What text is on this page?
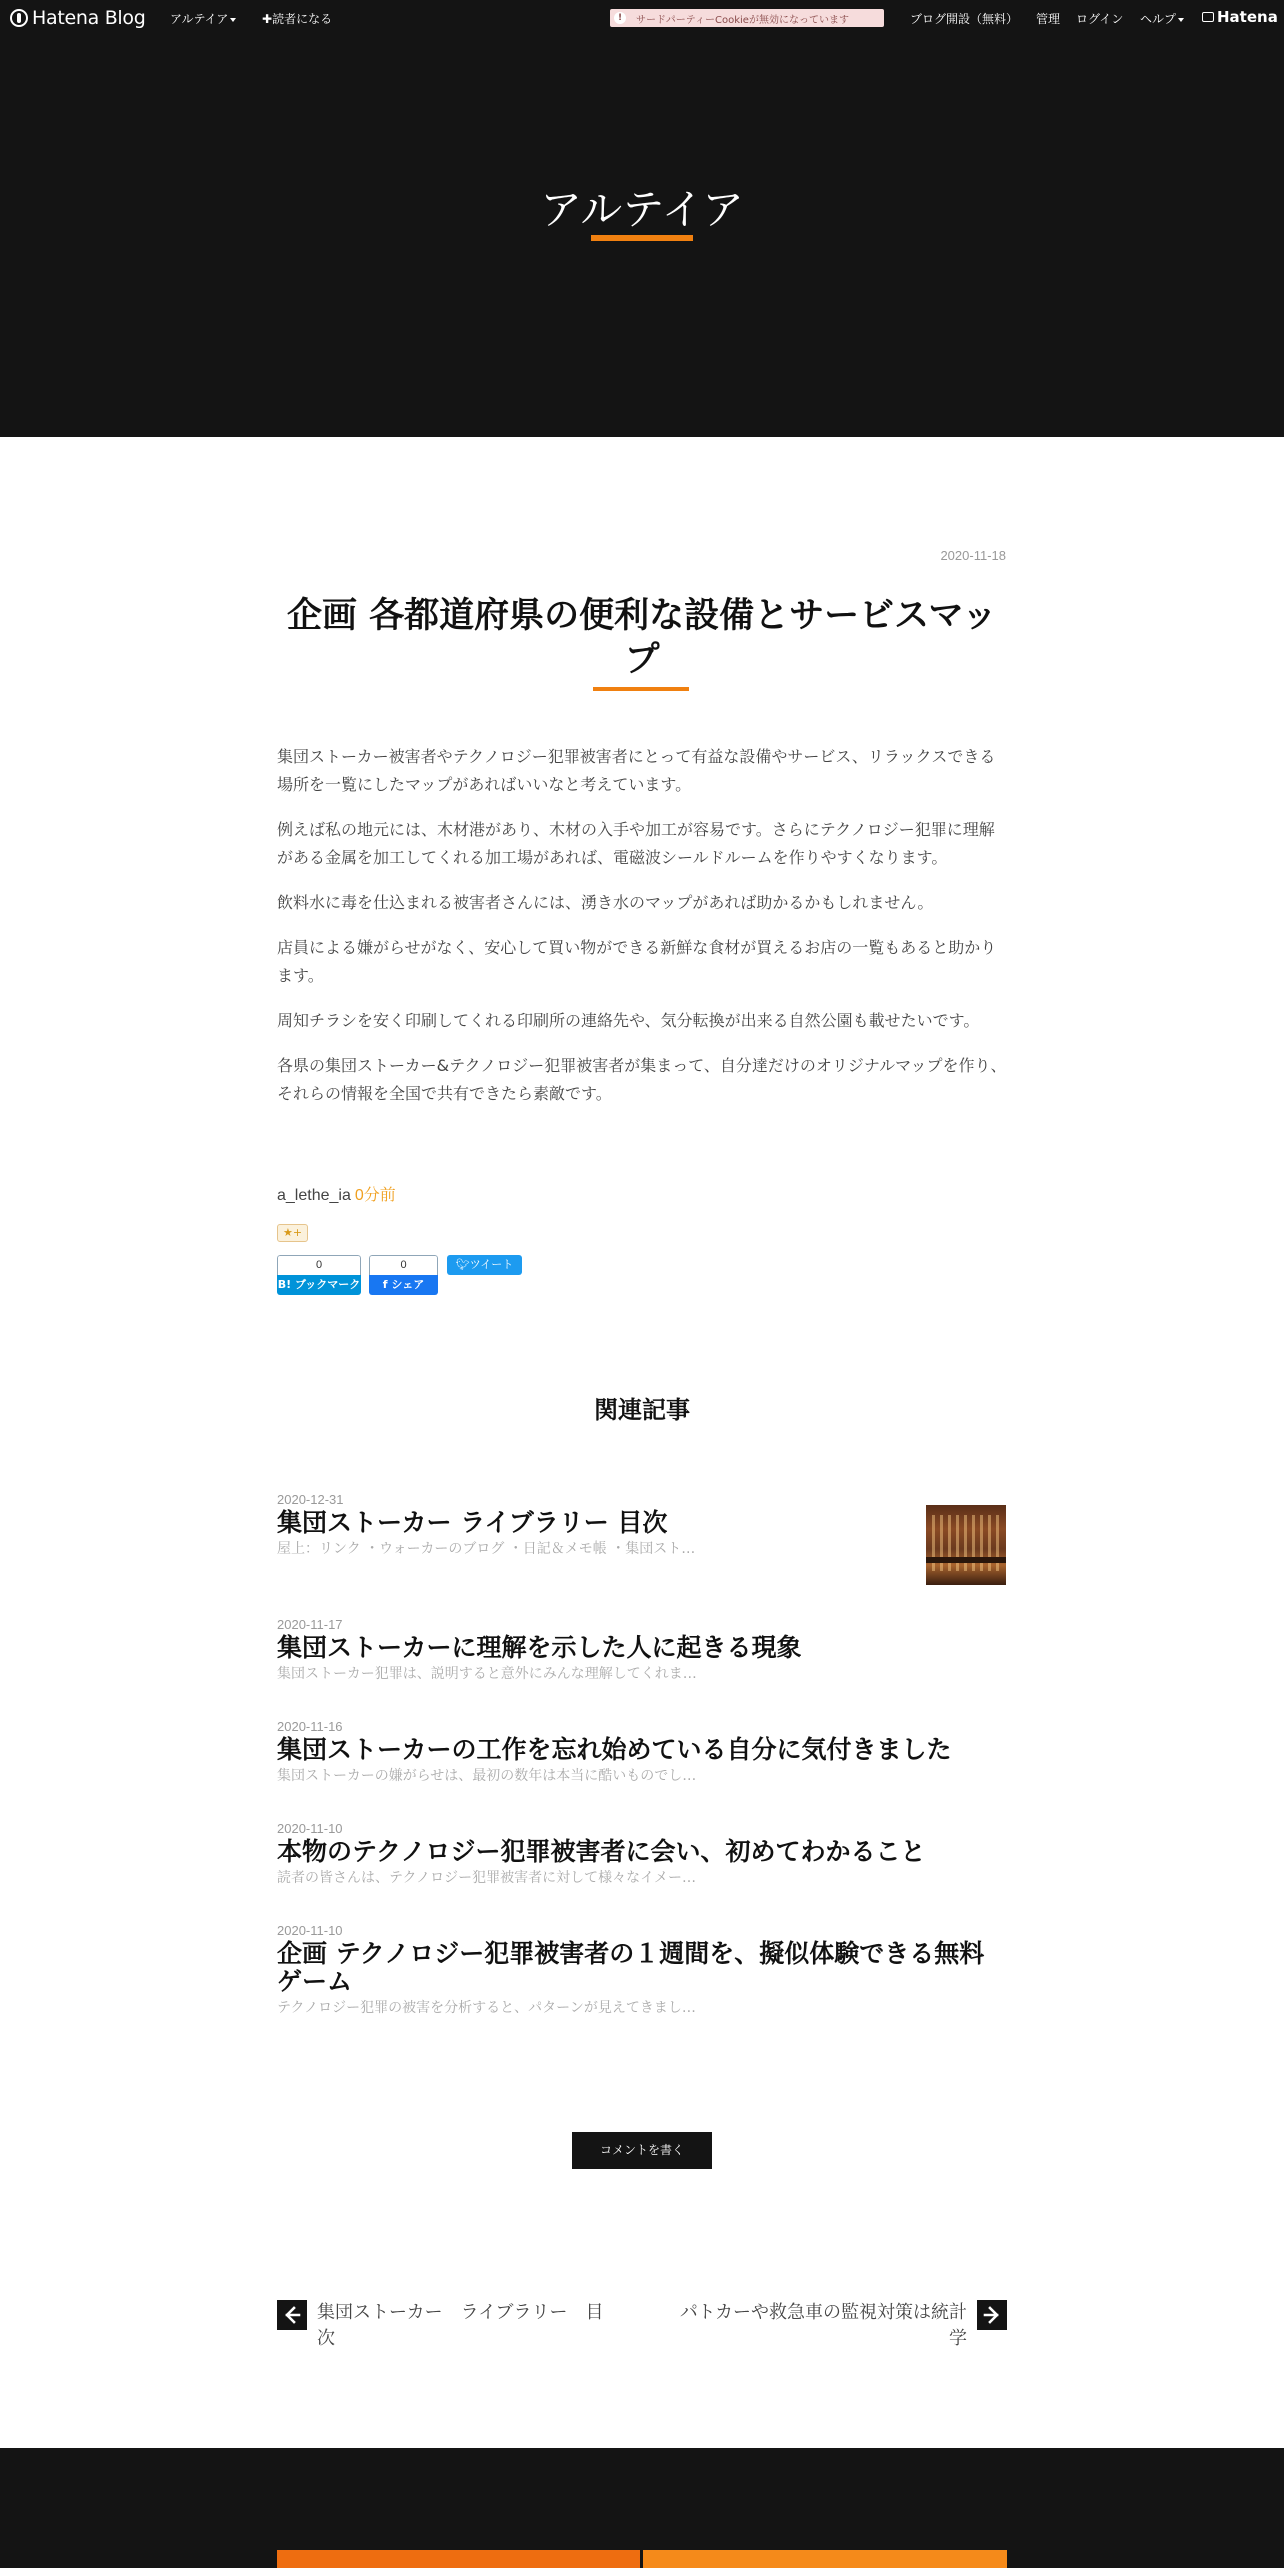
Hatena Blog アルテイア	✚読者になる	!	サードパーティーCookieが無効になっています	ブログ開設（無料） 管理 ログイン ヘルプ	Hatena
アルテイア
2020-11-18
企画 各都道府県の便利な設備とサービスマップ

集団ストーカー被害者やテクノロジー犯罪被害者にとって有益な設備やサービス、リラックスできる場所を一覧にしたマップがあればいいなと考えています。

例えば私の地元には、木材港があり、木材の入手や加工が容易です。さらにテクノロジー犯罪に理解がある金属を加工してくれる加工場があれば、電磁波シールドルームを作りやすくなります。

飲料水に毒を仕込まれる被害者さんには、湧き水のマップがあれば助かるかもしれません。

店員による嫌がらせがなく、安心して買い物ができる新鮮な食材が買えるお店の一覧もあると助かります。

周知チラシを安く印刷してくれる印刷所の連絡先や、気分転換が出来る自然公園も載せたいです。

各県の集団ストーカー&テクノロジー犯罪被害者が集まって、自分達だけのオリジナルマップを作り、それらの情報を全国で共有できたら素敵です。

a_lethe_ia 0分前
★+
0
B! ブックマーク
0
f シェア
🐦︎ツイート
関連記事
2020-12-31
集団ストーカー ライブラリー 目次
屋上：リンク ・ウォーカーのブログ ・日記＆メモ帳 ・集団スト…
2020-11-17
集団ストーカーに理解を示した人に起きる現象
集団ストーカー犯罪は、説明すると意外にみんな理解してくれま…
2020-11-16
集団ストーカーの工作を忘れ始めている自分に気付きました
集団ストーカーの嫌がらせは、最初の数年は本当に酷いものでし…
2020-11-10
本物のテクノロジー犯罪被害者に会い、初めてわかること
読者の皆さんは、テクノロジー犯罪被害者に対して様々なイメー…
2020-11-10
企画 テクノロジー犯罪被害者の１週間を、擬似体験できる無料ゲーム
テクノロジー犯罪の被害を分析すると、パターンが見えてきまし…
コメントを書く
集団ストーカー　ライブラリー　目次
パトカーや救急車の監視対策は統計学
